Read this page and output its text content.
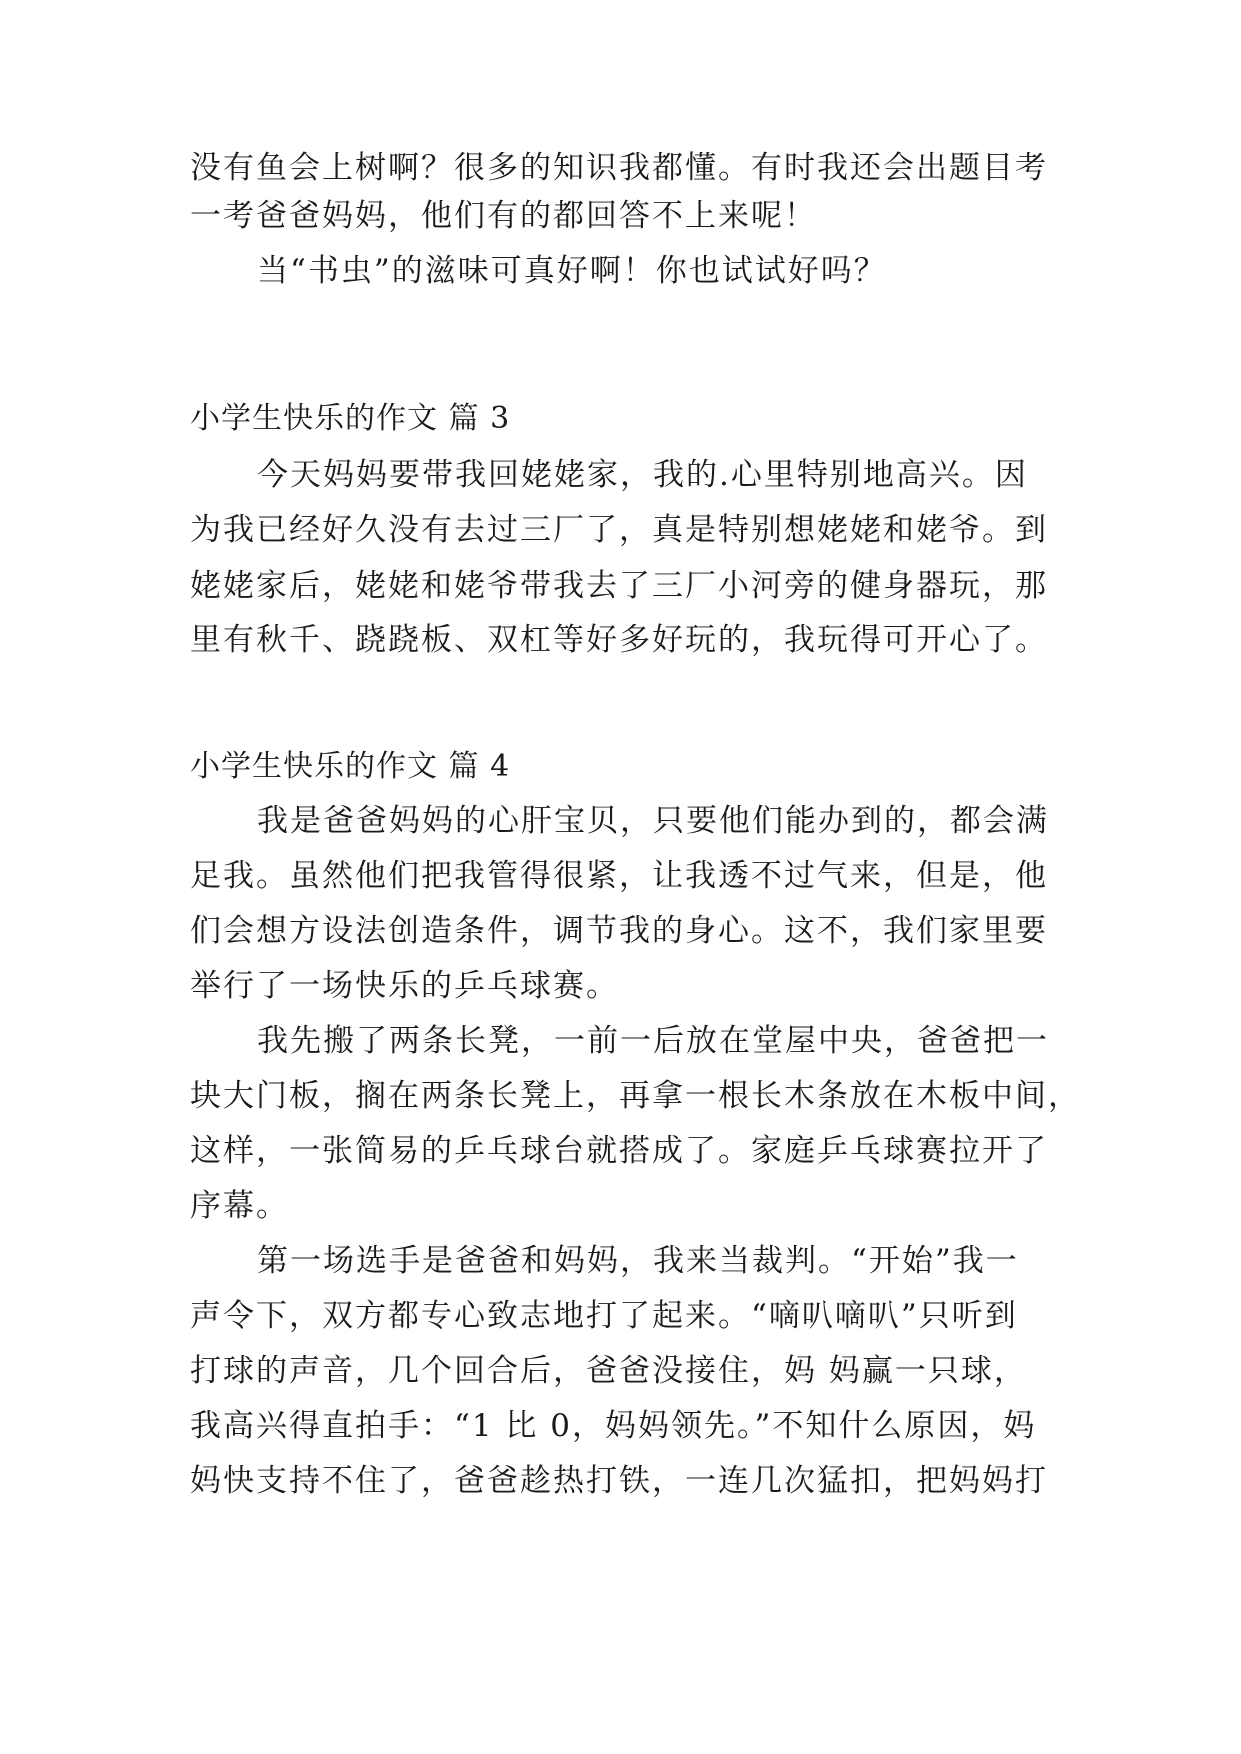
没有鱼会上树啊？很多的知识我都懂。有时我还会出题目考

一考爸爸妈妈，他们有的都回答不上来呢！

当“书虫”的滋味可真好啊！你也试试好吗？

小学生快乐的作文 篇 3

今天妈妈要带我回姥姥家，我的.心里特别地高兴。因

为我已经好久没有去过三厂了，真是特别想姥姥和姥爷。到

姥姥家后，姥姥和姥爷带我去了三厂小河旁的健身器玩，那

里有秋千、跷跷板、双杠等好多好玩的，我玩得可开心了。

小学生快乐的作文 篇 4

我是爸爸妈妈的心肝宝贝，只要他们能办到的，都会满

足我。虽然他们把我管得很紧，让我透不过气来，但是，他

们会想方设法创造条件，调节我的身心。这不，我们家里要

举行了一场快乐的乒乓球赛。

我先搬了两条长凳，一前一后放在堂屋中央，爸爸把一

块大门板，搁在两条长凳上，再拿一根长木条放在木板中间，

这样，一张简易的乒乓球台就搭成了。家庭乒乓球赛拉开了

序幕。

第一场选手是爸爸和妈妈，我来当裁判。“开始”我一

声令下，双方都专心致志地打了起来。“嘀叭嘀叭”只听到

打球的声音，几个回合后，爸爸没接住，妈 妈赢一只球，

我高兴得直拍手：“1 比 0，妈妈领先。”不知什么原因，妈

妈快支持不住了，爸爸趁热打铁，一连几次猛扣，把妈妈打
